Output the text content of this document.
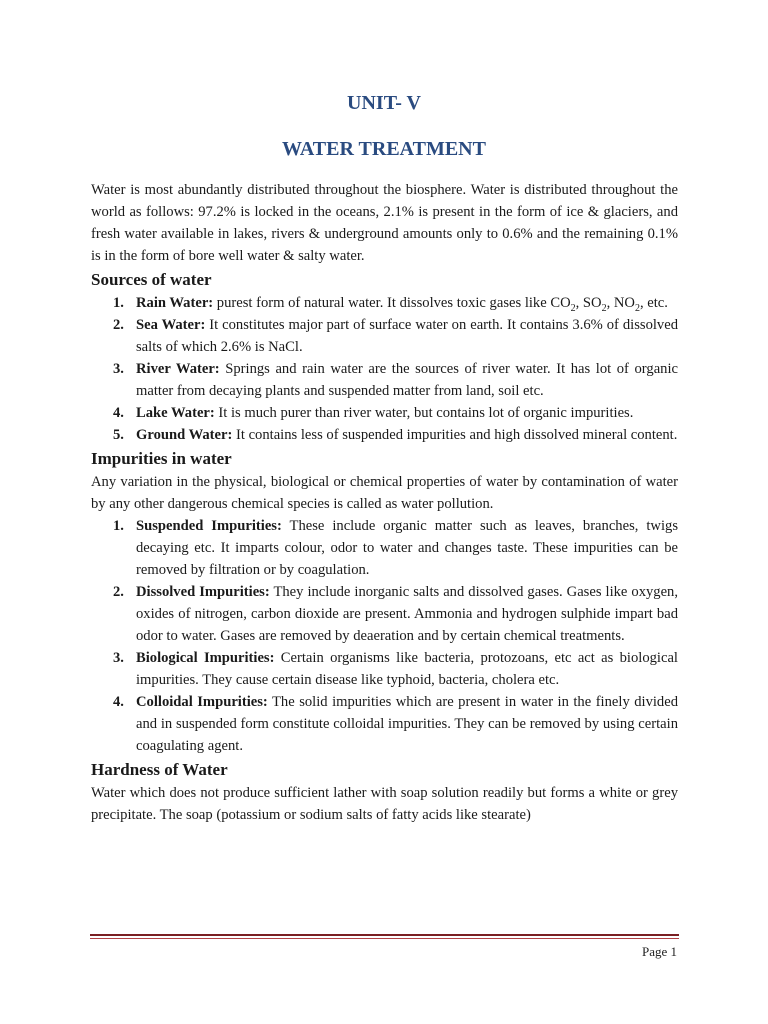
UNIT- V
WATER TREATMENT

Water is most abundantly distributed throughout the biosphere. Water is distributed throughout the world as follows: 97.2% is locked in the oceans, 2.1% is present in the form of ice & glaciers, and fresh water available in lakes, rivers & underground amounts only to 0.6% and the remaining 0.1% is in the form of bore well water & salty water.

Sources of water
1. Rain Water: purest form of natural water. It dissolves toxic gases like $CO_2$, $SO_2$, $NO_2$, etc.
2. Sea Water: It constitutes major part of surface water on earth. It contains 3.6% of dissolved salts of which 2.6% is NaCl.
3. River Water: Springs and rain water are the sources of river water. It has lot of organic matter from decaying plants and suspended matter from land, soil etc.
4. Lake Water: It is much purer than river water, but contains lot of organic impurities.
5. Ground Water: It contains less of suspended impurities and high dissolved mineral content.
Impurities in water

Any variation in the physical, biological or chemical properties of water by contamination of water by any other dangerous chemical species is called as water pollution.

1. Suspended Impurities: These include organic matter such as leaves, branches, twigs decaying etc. It imparts colour, odor to water and changes taste. These impurities can be removed by filtration or by coagulation.
2. Dissolved Impurities: They include inorganic salts and dissolved gases. Gases like oxygen, oxides of nitrogen, carbon dioxide are present. Ammonia and hydrogen sulphide impart bad odor to water. Gases are removed by deaeration and by certain chemical treatments.
3. Biological Impurities: Certain organisms like bacteria, protozoans, etc act as biological impurities. They cause certain disease like typhoid, bacteria, cholera etc.
4. Colloidal Impurities: The solid impurities which are present in water in the finely divided and in suspended form constitute colloidal impurities. They can be removed by using certain coagulating agent.
Hardness of Water

Water which does not produce sufficient lather with soap solution readily but forms a white or grey precipitate. The soap (potassium or sodium salts of fatty acids like stearate)

Page 1
